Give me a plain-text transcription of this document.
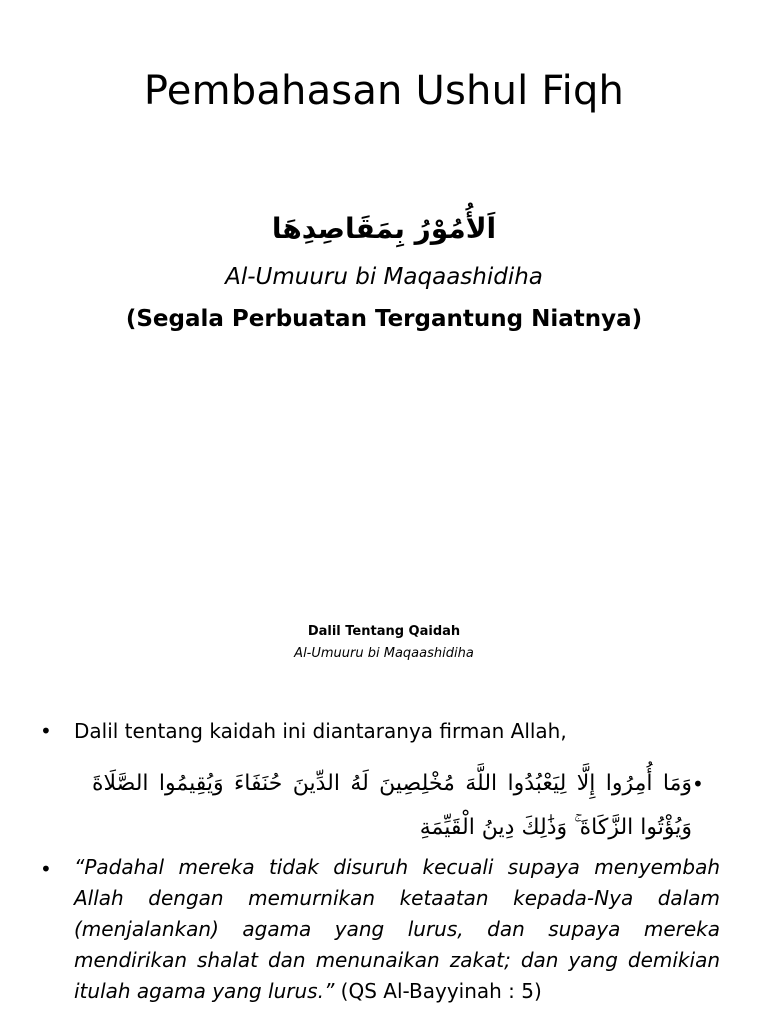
Pembahasan Ushul Fiqh

اَلأُمُوْرُ بِمَقَاصِدِهَا

Al-Umuuru bi Maqaashidiha

(Segala Perbuatan Tergantung Niatnya)

Dalil Tentang Qaidah

Al-Umuuru bi Maqaashidiha

•	Dalil tentang kaidah ini diantaranya firman Allah,
•
وَمَا أُمِرُوا إِلَّا لِيَعْبُدُوا اللَّهَ مُخْلِصِينَ لَهُ الدِّينَ حُنَفَاءَ وَيُقِيمُوا الصَّلَاةَ وَيُؤْتُوا الزَّكَاةَ ۚ وَذَٰلِكَ دِينُ الْقَيِّمَةِ
•	“Padahal mereka tidak disuruh kecuali supaya menyembah Allah dengan memurnikan ketaatan kepada-Nya dalam (menjalankan) agama yang lurus, dan supaya mereka mendirikan shalat dan menunaikan zakat; dan yang demikian itulah agama yang lurus.” (QS Al-Bayyinah : 5)
